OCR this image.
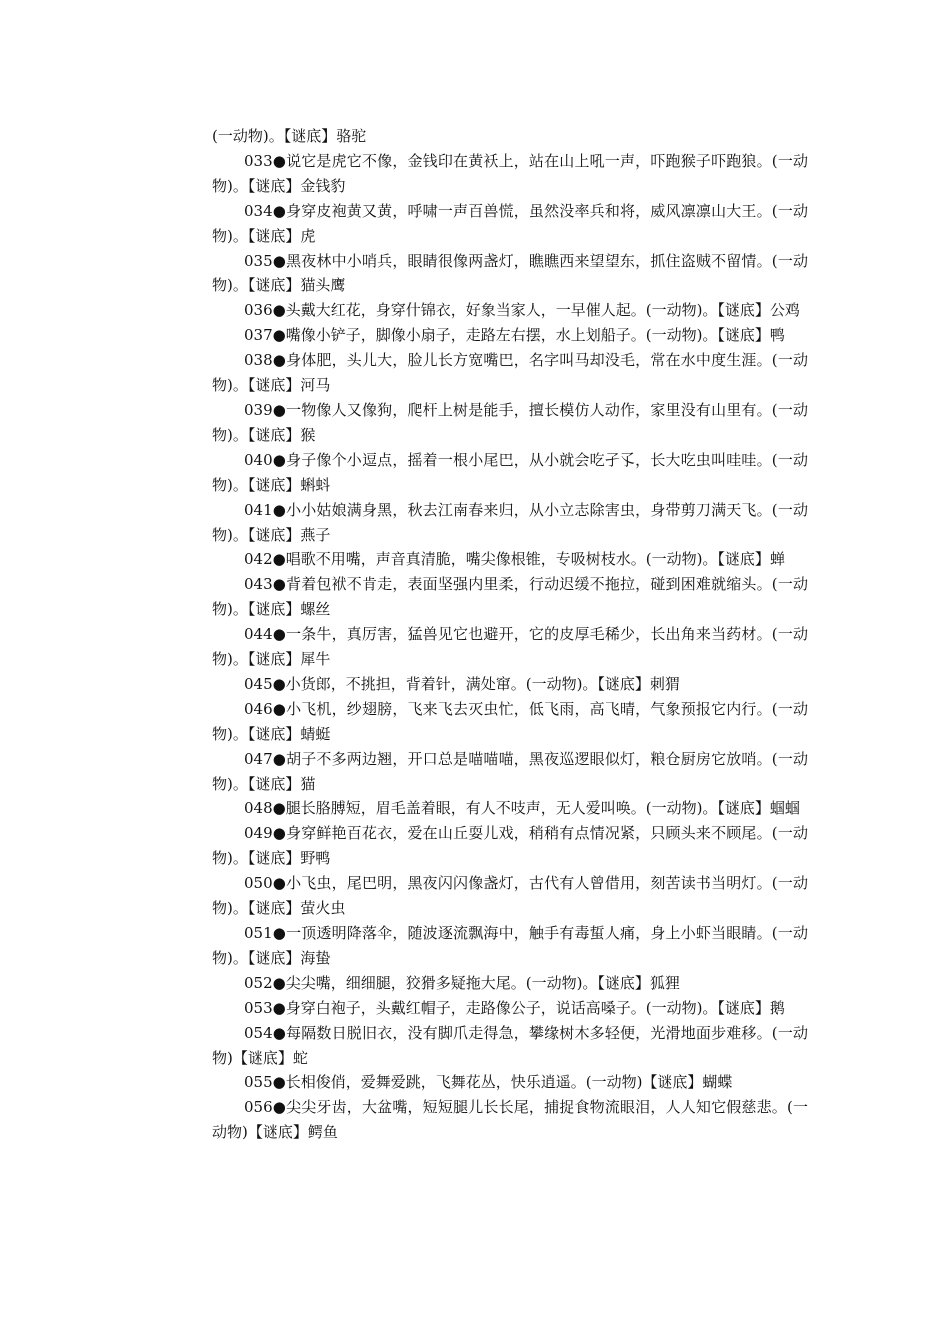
(一动物)。【谜底】骆驼

033●说它是虎它不像，金钱印在黄袄上，站在山上吼一声，吓跑猴子吓跑狼。(一动物)。【谜底】金钱豹

034●身穿皮袍黄又黄，呼啸一声百兽慌，虽然没率兵和将，威风凛凛山大王。(一动物)。【谜底】虎

035●黑夜林中小哨兵，眼睛很像两盏灯，瞧瞧西来望望东，抓住盗贼不留情。(一动物)。【谜底】猫头鹰

036●头戴大红花，身穿什锦衣，好象当家人，一早催人起。(一动物)。【谜底】公鸡

037●嘴像小铲子，脚像小扇子，走路左右摆，水上划船子。(一动物)。【谜底】鸭

038●身体肥，头儿大，脸儿长方宽嘴巴，名字叫马却没毛，常在水中度生涯。(一动物)。【谜底】河马

039●一物像人又像狗，爬杆上树是能手，擅长模仿人动作，家里没有山里有。(一动物)。【谜底】猴

040●身子像个小逗点，摇着一根小尾巴，从小就会吃孑孓，长大吃虫叫哇哇。(一动物)。【谜底】蝌蚪

041●小小姑娘满身黑，秋去江南春来归，从小立志除害虫，身带剪刀满天飞。(一动物)。【谜底】燕子

042●唱歌不用嘴，声音真清脆，嘴尖像根锥，专吸树枝水。(一动物)。【谜底】蝉

043●背着包袱不肯走，表面坚强内里柔，行动迟缓不拖拉，碰到困难就缩头。(一动物)。【谜底】螺丝

044●一条牛，真厉害，猛兽见它也避开，它的皮厚毛稀少，长出角来当药材。(一动物)。【谜底】犀牛

045●小货郎，不挑担，背着针，满处窜。(一动物)。【谜底】刺猬

046●小飞机，纱翅膀，飞来飞去灭虫忙，低飞雨，高飞晴，气象预报它内行。(一动物)。【谜底】蜻蜓

047●胡子不多两边翘，开口总是喵喵喵，黑夜巡逻眼似灯，粮仓厨房它放哨。(一动物)。【谜底】猫

048●腿长胳膊短，眉毛盖着眼，有人不吱声，无人爱叫唤。(一动物)。【谜底】蝈蝈

049●身穿鲜艳百花衣，爱在山丘耍儿戏，稍稍有点情况紧，只顾头来不顾尾。(一动物)。【谜底】野鸭

050●小飞虫，尾巴明，黑夜闪闪像盏灯，古代有人曾借用，刻苦读书当明灯。(一动物)。【谜底】萤火虫

051●一顶透明降落伞，随波逐流飘海中，触手有毒蜇人痛，身上小虾当眼睛。(一动物)。【谜底】海蛰

052●尖尖嘴，细细腿，狡猾多疑拖大尾。(一动物)。【谜底】狐狸

053●身穿白袍子，头戴红帽子，走路像公子，说话高嗓子。(一动物)。【谜底】鹅

054●每隔数日脱旧衣，没有脚爪走得急，攀缘树木多轻便，光滑地面步难移。(一动物)【谜底】蛇

055●长相俊俏，爱舞爱跳，飞舞花丛，快乐逍遥。(一动物)【谜底】蝴蝶

056●尖尖牙齿，大盆嘴，短短腿儿长长尾，捕捉食物流眼泪，人人知它假慈悲。(一动物)【谜底】鳄鱼
